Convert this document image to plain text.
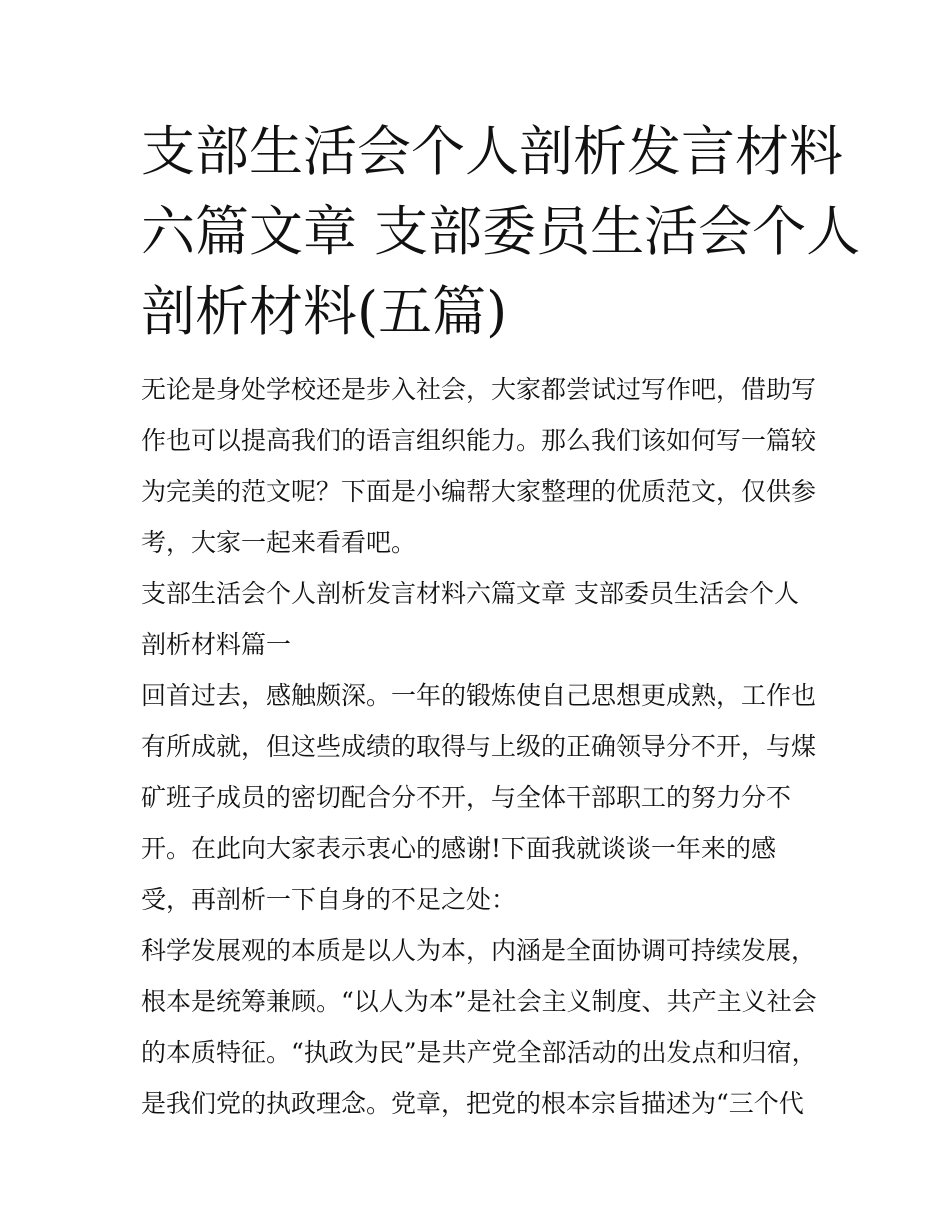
支部生活会个人剖析发言材料
六篇文章 支部委员生活会个人
剖析材料(五篇)
无论是身处学校还是步入社会，大家都尝试过写作吧，借助写
作也可以提高我们的语言组织能力。那么我们该如何写一篇较
为完美的范文呢？下面是小编帮大家整理的优质范文，仅供参
考，大家一起来看看吧。
支部生活会个人剖析发言材料六篇文章 支部委员生活会个人
剖析材料篇一
回首过去，感触颇深。一年的锻炼使自己思想更成熟，工作也
有所成就，但这些成绩的取得与上级的正确领导分不开，与煤
矿班子成员的密切配合分不开，与全体干部职工的努力分不
开。在此向大家表示衷心的感谢!下面我就谈谈一年来的感
受，再剖析一下自身的不足之处：
科学发展观的本质是以人为本，内涵是全面协调可持续发展，
根本是统筹兼顾。“以人为本”是社会主义制度、共产主义社会
的本质特征。“执政为民”是共产党全部活动的出发点和归宿，
是我们党的执政理念。党章，把党的根本宗旨描述为“三个代
